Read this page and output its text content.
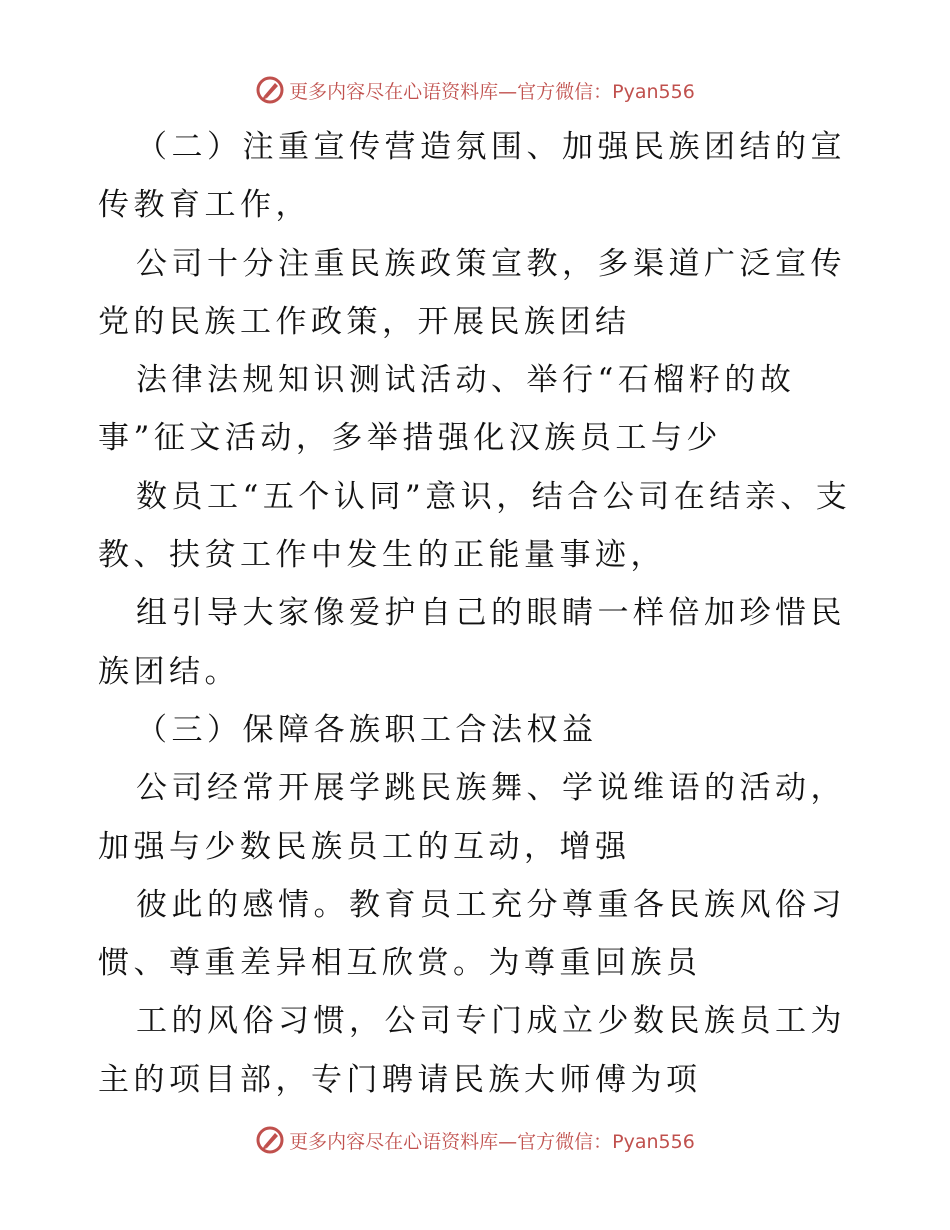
更多内容尽在心语资料库—官方微信：Pyan556

（二）注重宣传营造氛围、加强民族团结的宣传教育工作，

公司十分注重民族政策宣教，多渠道广泛宣传党的民族工作政策，开展民族团结

法律法规知识测试活动、举行“石榴籽的故事”征文活动，多举措强化汉族员工与少

数员工“五个认同”意识，结合公司在结亲、支教、扶贫工作中发生的正能量事迹，

组引导大家像爱护自己的眼睛一样倍加珍惜民族团结。

（三）保障各族职工合法权益

公司经常开展学跳民族舞、学说维语的活动，加强与少数民族员工的互动，增强

彼此的感情。教育员工充分尊重各民族风俗习惯、尊重差异相互欣赏。为尊重回族员

工的风俗习惯，公司专门成立少数民族员工为主的项目部，专门聘请民族大师傅为项

更多内容尽在心语资料库—官方微信：Pyan556
